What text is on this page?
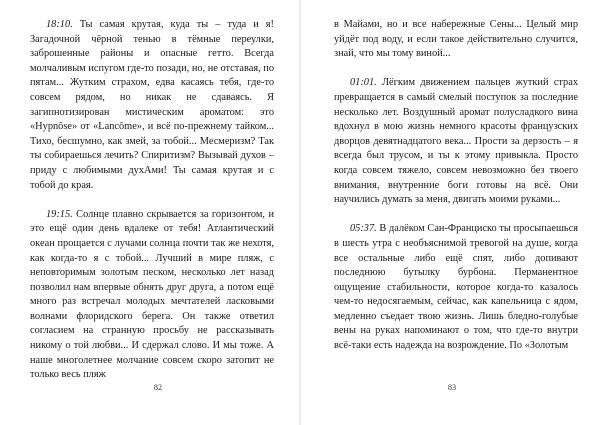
18:10. Ты самая крутая, куда ты – туда и я! Загадочной чёрной тенью в тёмные переулки, заброшенные районы и опасные гетто. Всегда молчаливым испугом где-то позади, но, не отставая, по пятам... Жутким страхом, едва касаясь тебя, где-то совсем рядом, но никак не сдаваясь. Я загипнотизирован мистическим ароматом: это «Hypnôse» от «Lancôme», и всё по-прежнему тайком... Тихо, бесшумно, как змей, за тобой... Месмеризм? Так ты собираешься лечить? Спиритизм? Вызывай духов – приду с любимыми духАми! Ты самая крутая и с тобой до края.

19:15. Солнце плавно скрывается за горизонтом, и это ещё один день вдалеке от тебя! Атлантический океан прощается с лучами солнца почти так же нехотя, как когда-то я с тобой... Лучший в мире пляж, с неповторимым золотым песком, несколько лет назад позволил нам впервые обнять друг друга, а потом ещё много раз встречал молодых мечтателей ласковыми волнами флоридского берега. Он также ответил согласием на странную просьбу не рассказывать никому о той любви... И сдержал слово. И мы тоже. А наше многолетнее молчание совсем скоро затопит не только весь пляж

82

в Майами, но и все набережные Сены... Целый мир уйдёт под воду, и если такое действительно случится, знай, что мы тому виной...

01:01. Лёгким движением пальцев жуткий страх превращается в самый смелый поступок за последние несколько лет. Воздушный аромат полусладкого вина вдохнул в мою жизнь немного красоты французских дворцов девятнадцатого века... Прости за дерзость – я всегда был трусом, и ты к этому привыкла. Просто когда совсем тяжело, совсем невозможно без твоего внимания, внутренние боги готовы на всё. Они научились думать за меня, двигать моими руками...

05:37. В далёком Сан-Франциско ты просыпаешься в шесть утра с необъяснимой тревогой на душе, когда все остальные либо ещё спят, либо допивают последнюю бутылку бурбона. Перманентное ощущение стабильности, которое когда-то казалось чем-то недосягаемым, сейчас, как капельница с ядом, медленно съедает твою жизнь. Лишь бледно-голубые вены на руках напоминают о том, что где-то внутри всё-таки есть надежда на возрождение. По «Золотым

83
